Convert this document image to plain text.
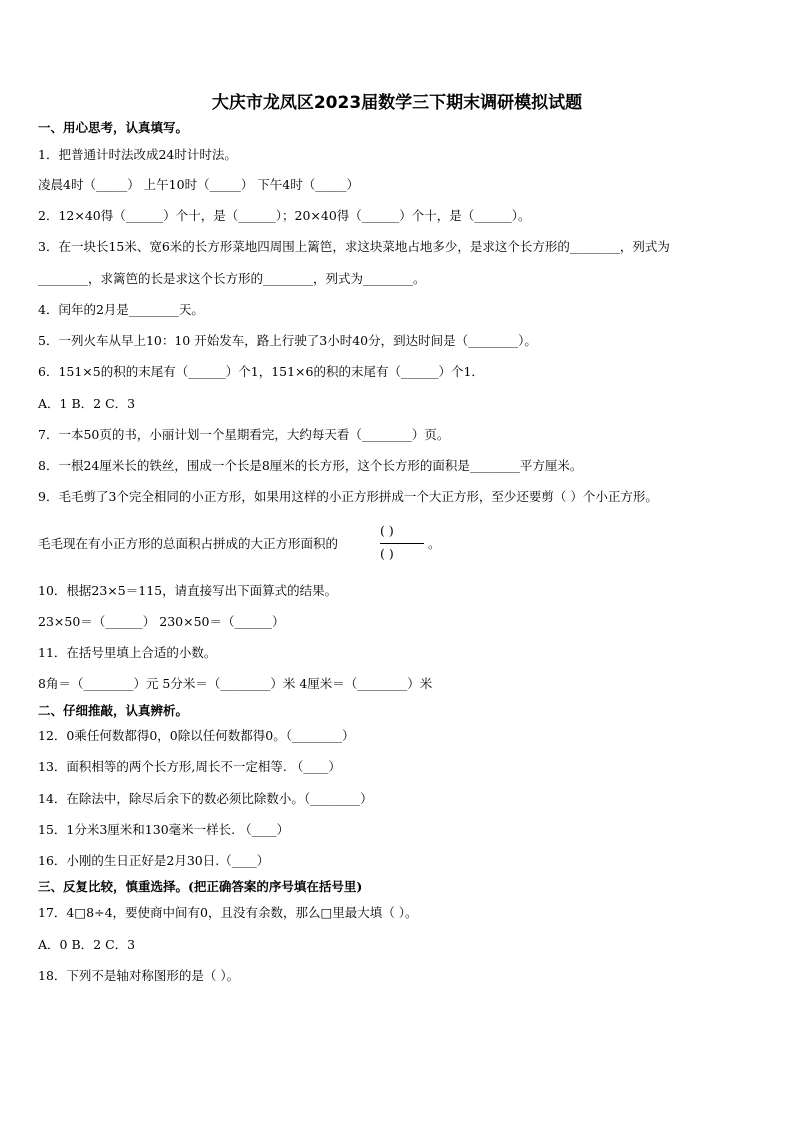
大庆市龙凤区2023届数学三下期末调研模拟试题
一、用心思考，认真填写。
1．把普通计时法改成24时计时法。
凌晨4时（_____） 上午10时（_____） 下午4时（_____）
2．12×40得（______）个十，是（______）；20×40得（______）个十，是（______）。
3．在一块长15米、宽6米的长方形菜地四周围上篱笆，求这块菜地占地多少，是求这个长方形的________，列式为
________，求篱笆的长是求这个长方形的________，列式为________。
4．闰年的2月是________天。
5．一列火车从早上10：10 开始发车，路上行驶了3小时40分，到达时间是（________）。
6．151×5的积的末尾有（______）个1，151×6的积的末尾有（______）个1．
A．1 B．2 C．3
7．一本50页的书，小丽计划一个星期看完，大约每天看（________）页。
8．一根24厘米长的铁丝，围成一个长是8厘米的长方形，这个长方形的面积是________平方厘米。
9．毛毛剪了3个完全相同的小正方形，如果用这样的小正方形拼成一个大正方形，至少还要剪（ ）个小正方形。
毛毛现在有小正方形的总面积占拼成的大正方形面积的
( )
( )
。
10．根据23×5＝115，请直接写出下面算式的结果。
23×50＝（______） 230×50＝（______）
11．在括号里填上合适的小数。
8角＝（________）元 5分米＝（________）米 4厘米＝（________）米
二、仔细推敲，认真辨析。
12．0乘任何数都得0，0除以任何数都得0。（________）
13．面积相等的两个长方形,周长不一定相等. （____）
14．在除法中，除尽后余下的数必须比除数小。（________）
15．1分米3厘米和130毫米一样长. （____）
16．小刚的生日正好是2月30日.（____）
三、反复比较，慎重选择。(把正确答案的序号填在括号里)
17．4□8÷4，要使商中间有0，且没有余数，那么□里最大填（ ）。
A．0 B．2 C．3
18．下列不是轴对称图形的是（ ）。
